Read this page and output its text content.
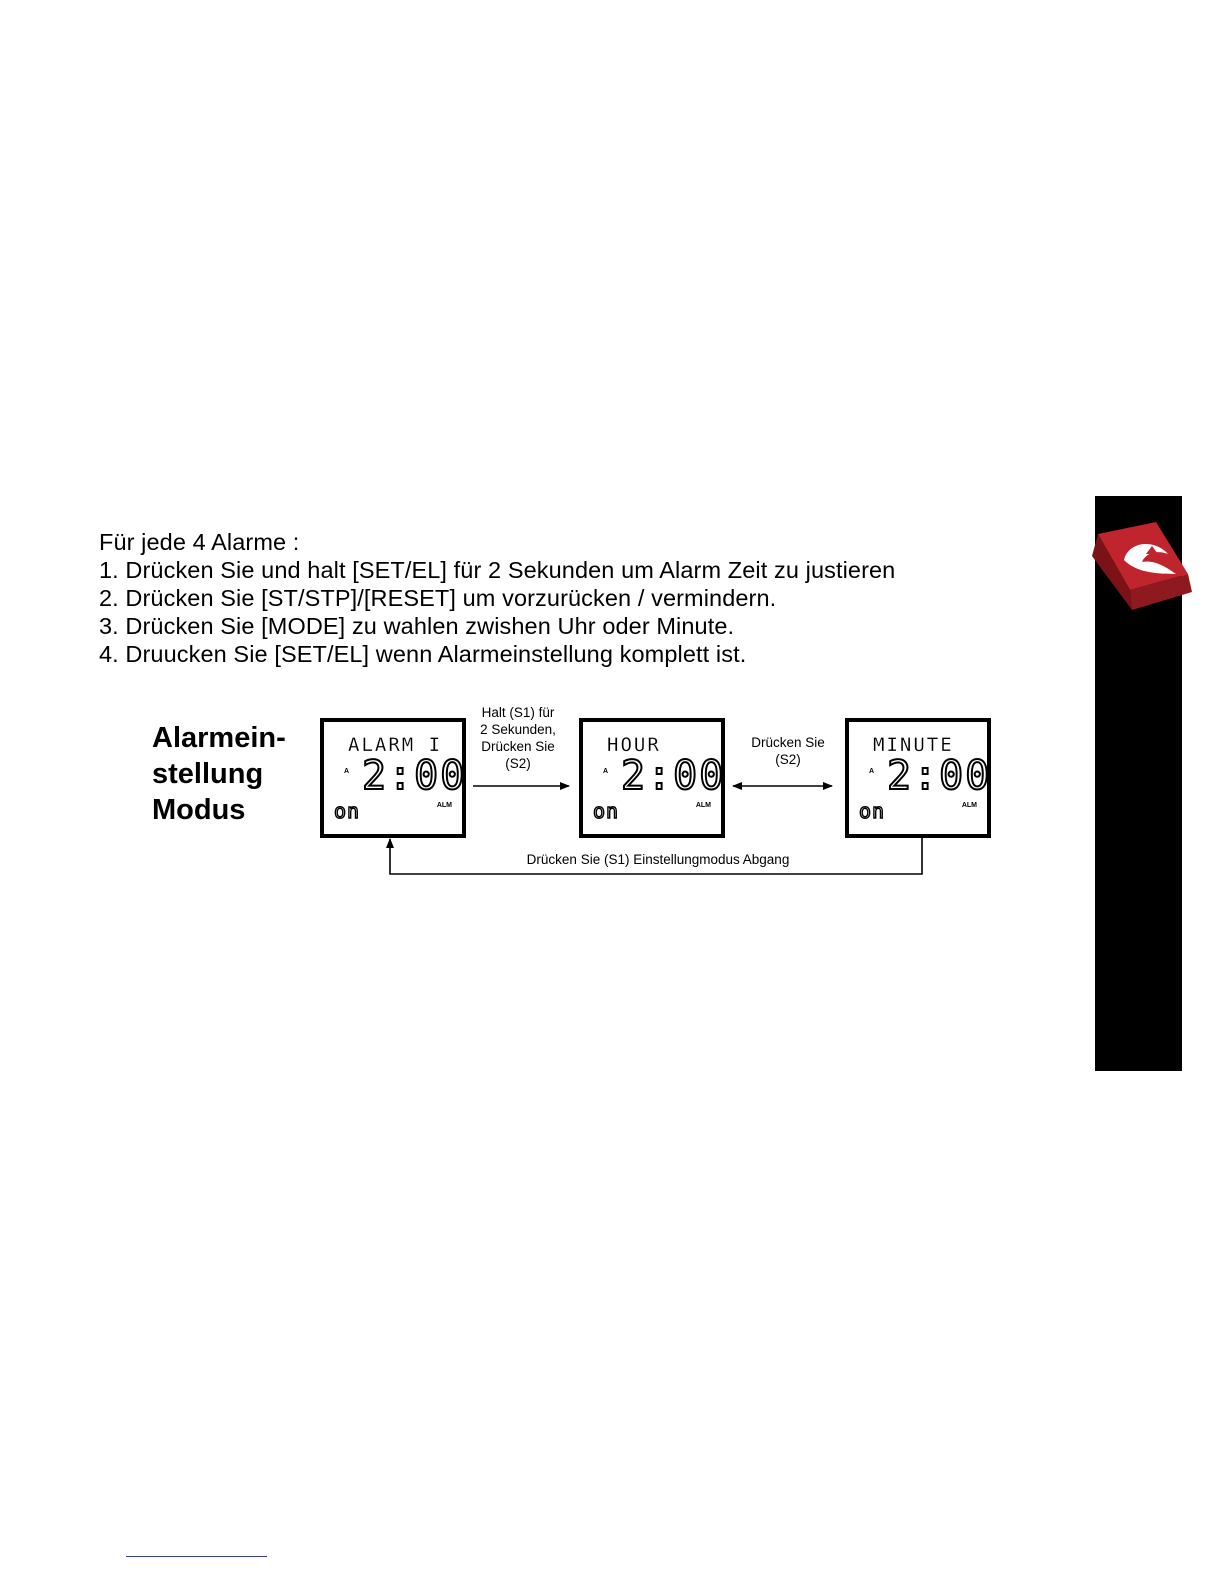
Für jede 4 Alarme :
1. Drücken Sie und halt [SET/EL] für 2 Sekunden um Alarm Zeit zu justieren
2. Drücken Sie [ST/STP]/[RESET] um vorzurücken / vermindern.
3. Drücken Sie [MODE] zu wahlen zwishen Uhr oder Minute.
4. Druucken Sie [SET/EL] wenn Alarmeinstellung komplett ist.
Alarmein-
stellung
Modus
ALARM I
A 2:00
on	ALM
HOUR
A 2:00
on	ALM
MINUTE
A 2:00
on	ALM
Halt (S1) für
2 Sekunden,
Drücken Sie
(S2)
Drücken Sie
(S2)
Drücken Sie (S1) Einstellungmodus Abgang
